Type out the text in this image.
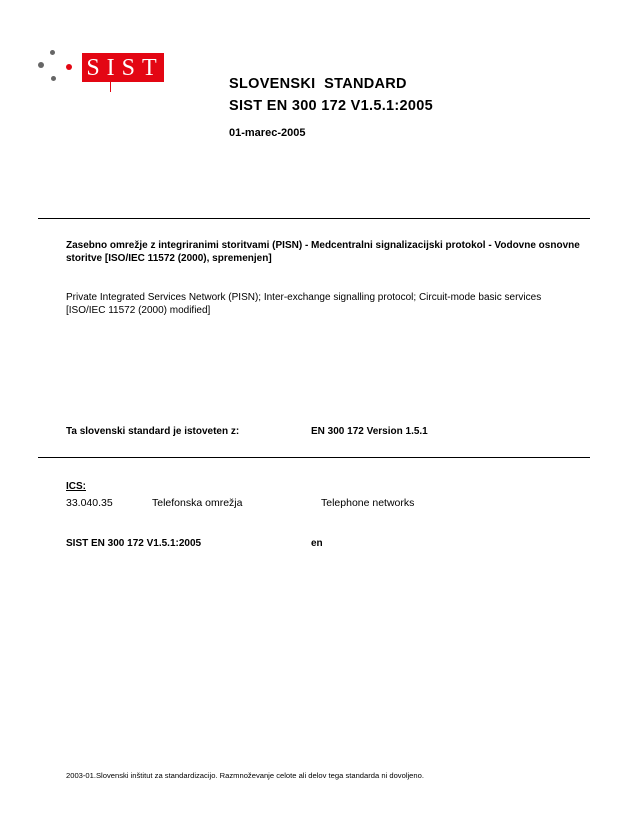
SIST
SLOVENSKI  STANDARD
SIST EN 300 172 V1.5.1:2005
01-marec-2005
Zasebno omrežje z integriranimi storitvami (PISN) - Medcentralni signalizacijski protokol - Vodovne osnovne storitve [ISO/IEC 11572 (2000), spremenjen]
Private Integrated Services Network (PISN); Inter-exchange signalling protocol; Circuit-mode basic services [ISO/IEC 11572 (2000) modified]
Ta slovenski standard je istoveten z:	EN 300 172 Version 1.5.1
ICS:
33.040.35	Telefonska omrežja	Telephone networks
SIST EN 300 172 V1.5.1:2005	en
2003-01.Slovenski inštitut za standardizacijo. Razmnoževanje celote ali delov tega standarda ni dovoljeno.
